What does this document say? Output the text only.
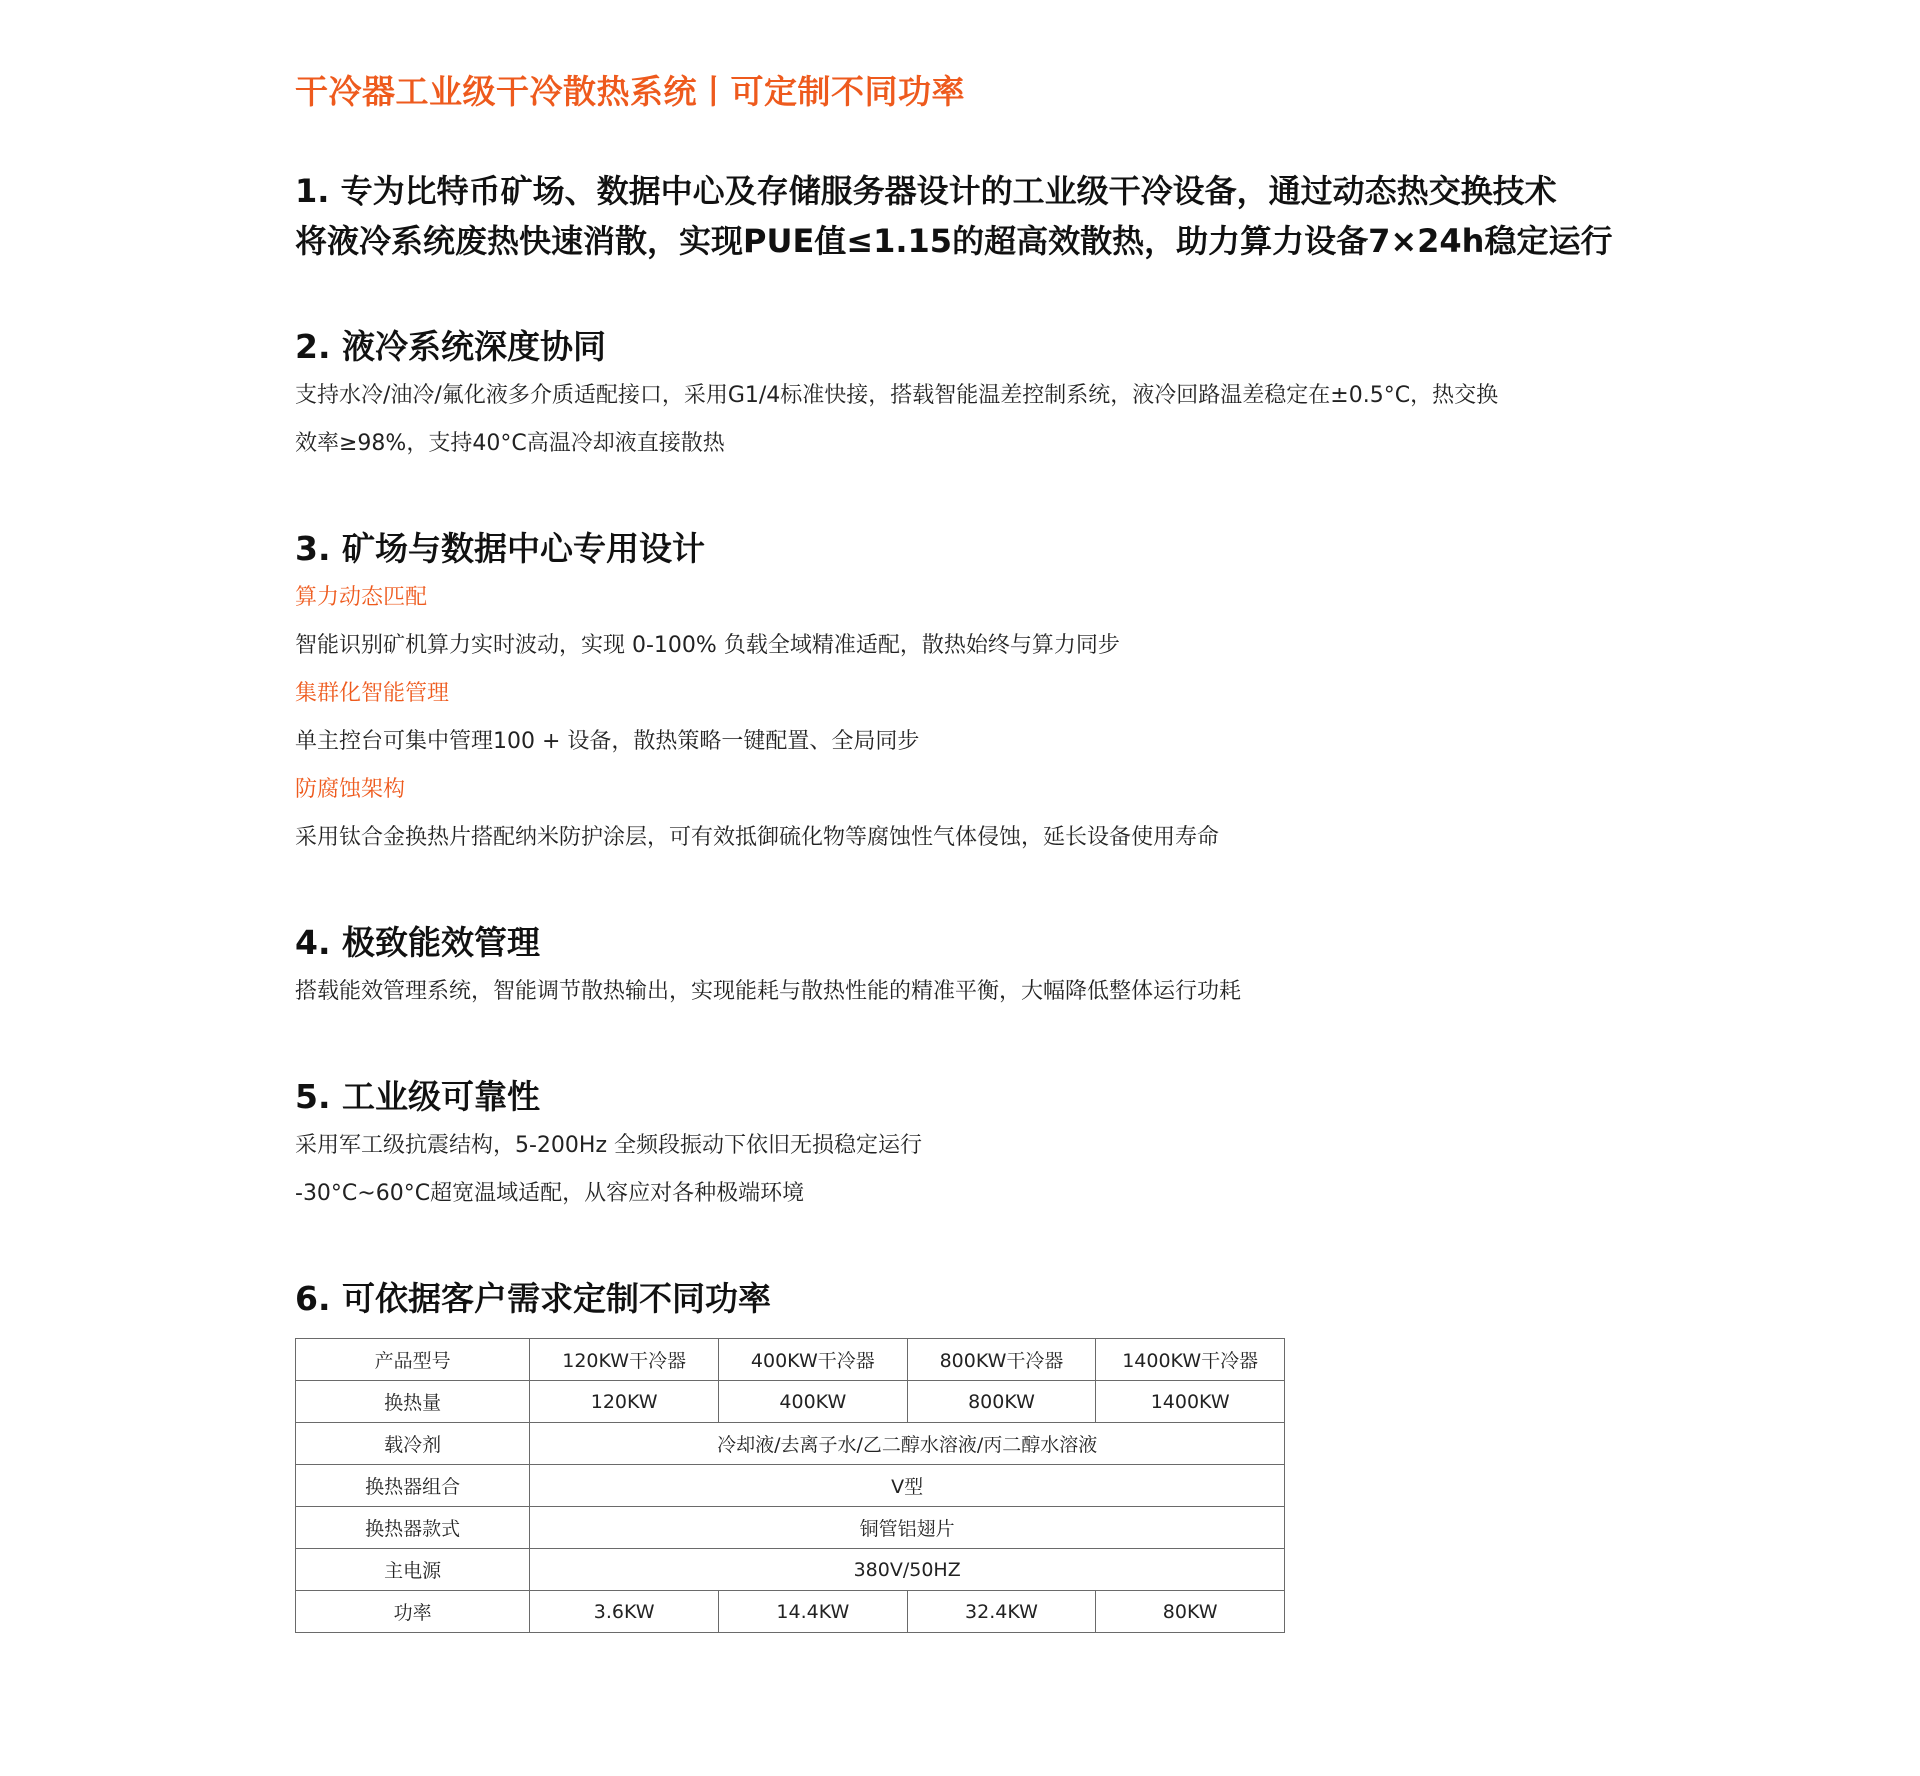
干冷器工业级干冷散热系统丨可定制不同功率
1. 专为比特币矿场、数据中心及存储服务器设计的工业级干冷设备，通过动态热交换技术
将液冷系统废热快速消散，实现PUE值≤1.15的超高效散热，助力算力设备7×24h稳定运行
2. 液冷系统深度协同

支持水冷/油冷/氟化液多介质适配接口，采用G1/4标准快接，搭载智能温差控制系统，液冷回路温差稳定在±0.5°C，热交换

效率≥98%，支持40°C高温冷却液直接散热

3. 矿场与数据中心专用设计

算力动态匹配

智能识别矿机算力实时波动，实现 0-100% 负载全域精准适配，散热始终与算力同步

集群化智能管理

单主控台可集中管理100 + 设备，散热策略一键配置、全局同步

防腐蚀架构

采用钛合金换热片搭配纳米防护涂层，可有效抵御硫化物等腐蚀性气体侵蚀，延长设备使用寿命

4. 极致能效管理

搭载能效管理系统，智能调节散热输出，实现能耗与散热性能的精准平衡，大幅降低整体运行功耗

5. 工业级可靠性

采用军工级抗震结构，5-200Hz 全频段振动下依旧无损稳定运行

-30°C~60°C超宽温域适配，从容应对各种极端环境

6. 可依据客户需求定制不同功率
产品型号	120KW干冷器	400KW干冷器	800KW干冷器	1400KW干冷器
换热量	120KW	400KW	800KW	1400KW
载冷剂	冷却液/去离子水/乙二醇水溶液/丙二醇水溶液			
换热器组合	V型			
换热器款式	铜管铝翅片			
主电源	380V/50HZ			
功率	3.6KW	14.4KW	32.4KW	80KW
